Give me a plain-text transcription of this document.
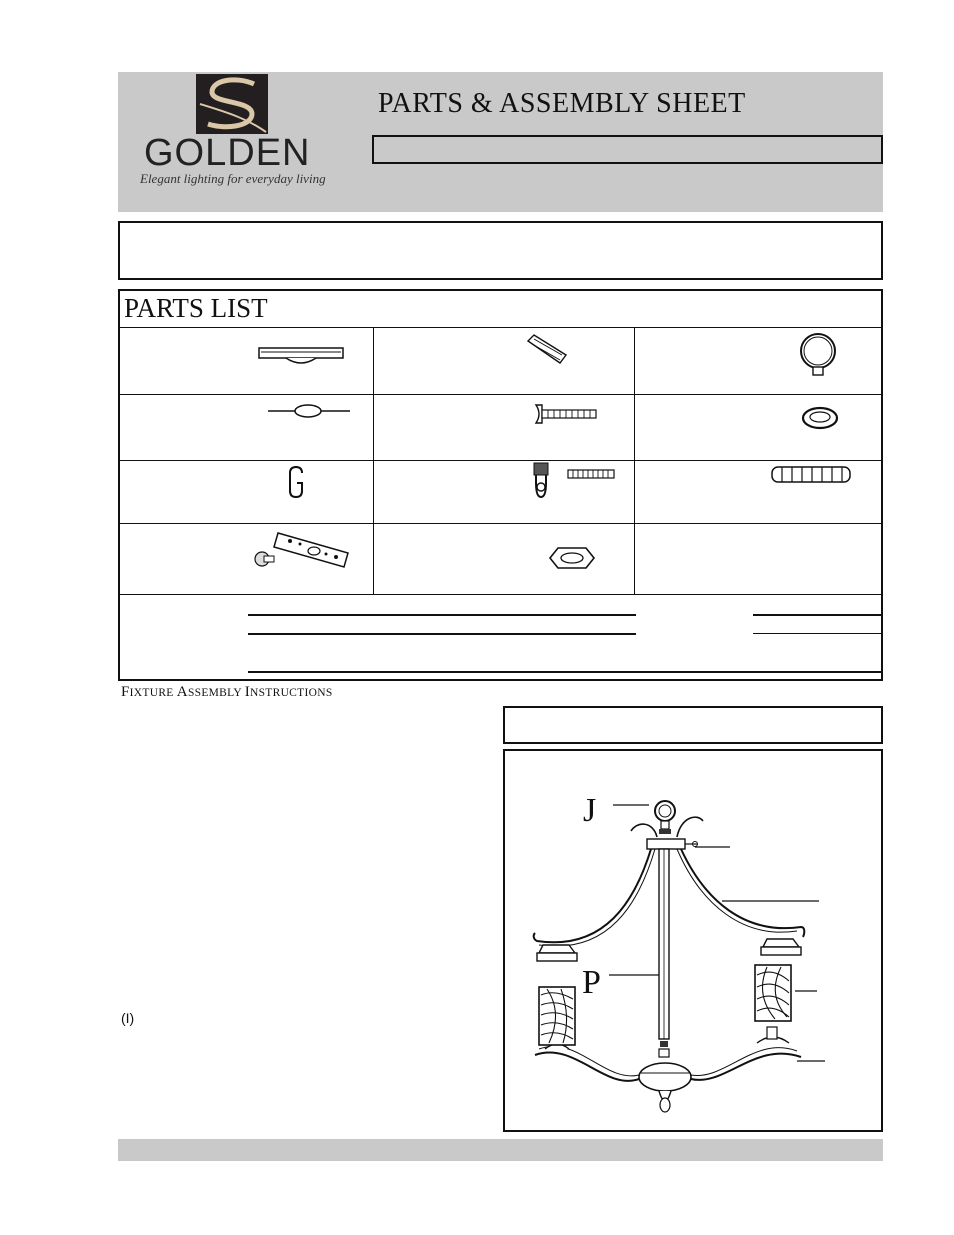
GOLDEN
Elegant lighting for everyday living
PARTS & ASSEMBLY SHEET
PARTS LIST
FIXTURE ASSEMBLY INSTRUCTIONS
(I)
J
P
